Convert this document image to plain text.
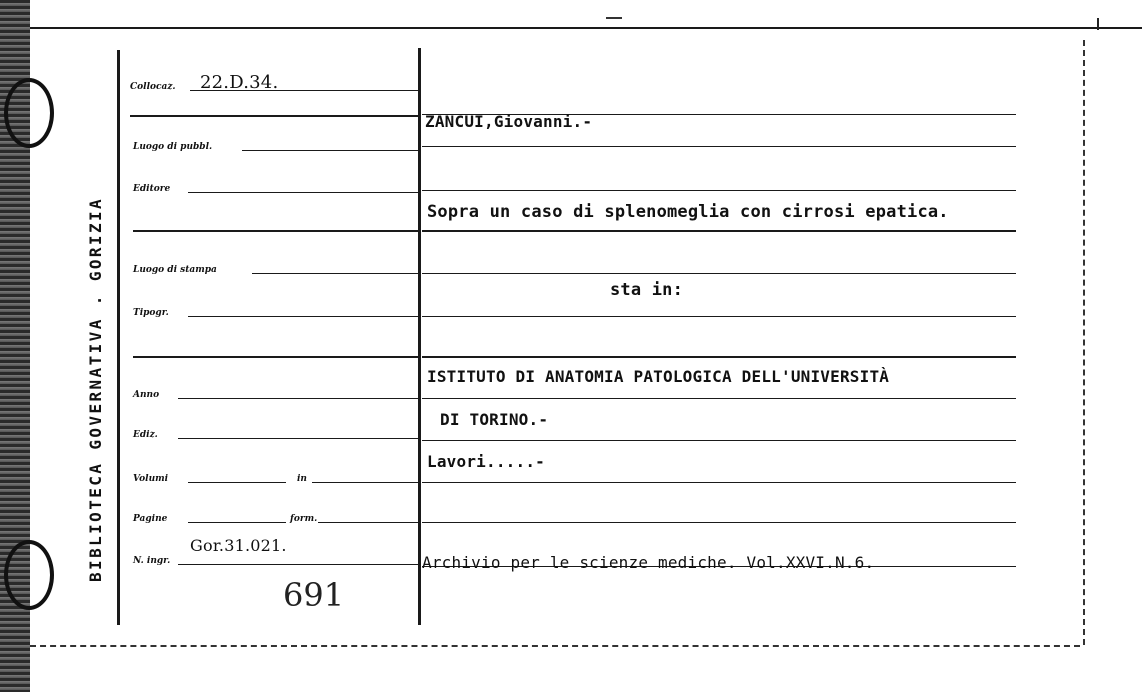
BIBLIOTECA GOVERNATIVA . GORIZIA
Collocaz. 22.D.34.
Luogo di pubbl.
Editore
Luogo di stampa
Tipogr.
Anno
Ediz.
Volumi	in
Pagine	form.
N. ingr.
Gor.31.021.
691
ZANCUI,Giovanni.-
Sopra un caso di splenomeglia con cirrosi epatica.
sta in:
ISTITUTO DI ANATOMIA PATOLOGICA DELL'UNIVERSITÀ
DI TORINO.-
Lavori.....-
Archivio per le scienze mediche. Vol.XXVI.N.6.
